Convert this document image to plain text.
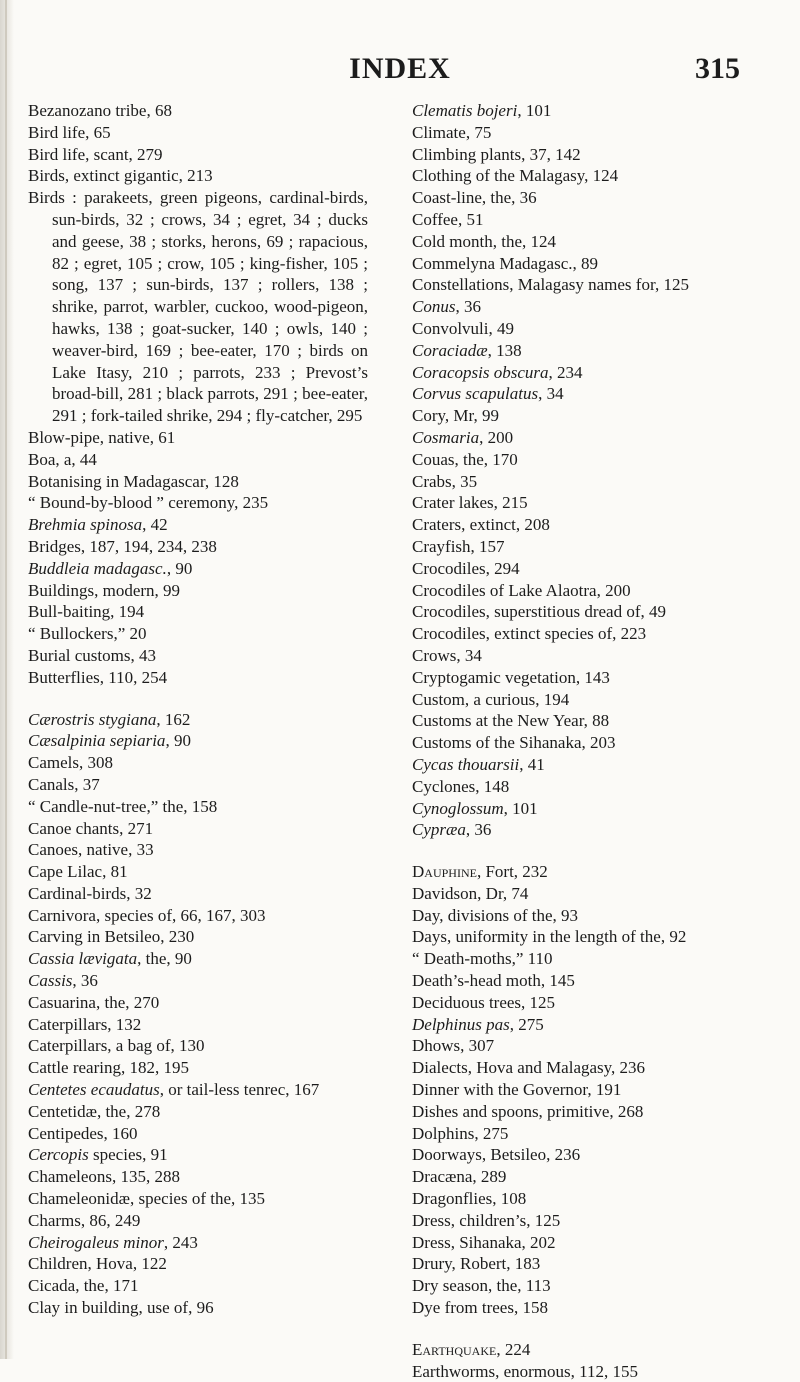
INDEX	315

Bezanozano tribe, 68

Bird life, 65

Bird life, scant, 279

Birds, extinct gigantic, 213

Birds : parakeets, green pigeons, cardinal-birds, sun-birds, 32 ; crows, 34 ; egret, 34 ; ducks and geese, 38 ; storks, herons, 69 ; rapacious, 82 ; egret, 105 ; crow, 105 ; king-fisher, 105 ; song, 137 ; sun-birds, 137 ; rollers, 138 ; shrike, parrot, warbler, cuckoo, wood-pigeon, hawks, 138 ; goat-sucker, 140 ; owls, 140 ; weaver-bird, 169 ; bee-eater, 170 ; birds on Lake Itasy, 210 ; parrots, 233 ; Prevost’s broad-bill, 281 ; black parrots, 291 ; bee-eater, 291 ; fork-tailed shrike, 294 ; fly-catcher, 295

Blow-pipe, native, 61

Boa, a, 44

Botanising in Madagascar, 128

“ Bound-by-blood ” ceremony, 235

Brehmia spinosa, 42

Bridges, 187, 194, 234, 238

Buddleia madagasc., 90

Buildings, modern, 99

Bull-baiting, 194

“ Bullockers,” 20

Burial customs, 43

Butterflies, 110, 254

Cærostris stygiana, 162

Cæsalpinia sepiaria, 90

Camels, 308

Canals, 37

“ Candle-nut-tree,” the, 158

Canoe chants, 271

Canoes, native, 33

Cape Lilac, 81

Cardinal-birds, 32

Carnivora, species of, 66, 167, 303

Carving in Betsileo, 230

Cassia lævigata, the, 90

Cassis, 36

Casuarina, the, 270

Caterpillars, 132

Caterpillars, a bag of, 130

Cattle rearing, 182, 195

Centetes ecaudatus, or tail-less tenrec, 167

Centetidæ, the, 278

Centipedes, 160

Cercopis species, 91

Chameleons, 135, 288

Chameleonidæ, species of the, 135

Charms, 86, 249

Cheirogaleus minor, 243

Children, Hova, 122

Cicada, the, 171

Clay in building, use of, 96

Clematis bojeri, 101

Climate, 75

Climbing plants, 37, 142

Clothing of the Malagasy, 124

Coast-line, the, 36

Coffee, 51

Cold month, the, 124

Commelyna Madagasc., 89

Constellations, Malagasy names for, 125

Conus, 36

Convolvuli, 49

Coraciadæ, 138

Coracopsis obscura, 234

Corvus scapulatus, 34

Cory, Mr, 99

Cosmaria, 200

Couas, the, 170

Crabs, 35

Crater lakes, 215

Craters, extinct, 208

Crayfish, 157

Crocodiles, 294

Crocodiles of Lake Alaotra, 200

Crocodiles, superstitious dread of, 49

Crocodiles, extinct species of, 223

Crows, 34

Cryptogamic vegetation, 143

Custom, a curious, 194

Customs at the New Year, 88

Customs of the Sihanaka, 203

Cycas thouarsii, 41

Cyclones, 148

Cynoglossum, 101

Cypræa, 36

Dauphine, Fort, 232

Davidson, Dr, 74

Day, divisions of the, 93

Days, uniformity in the length of the, 92

“ Death-moths,” 110

Death’s-head moth, 145

Deciduous trees, 125

Delphinus pas, 275

Dhows, 307

Dialects, Hova and Malagasy, 236

Dinner with the Governor, 191

Dishes and spoons, primitive, 268

Dolphins, 275

Doorways, Betsileo, 236

Dracæna, 289

Dragonflies, 108

Dress, children’s, 125

Dress, Sihanaka, 202

Drury, Robert, 183

Dry season, the, 113

Dye from trees, 158

Earthquake, 224

Earthworms, enormous, 112, 155
